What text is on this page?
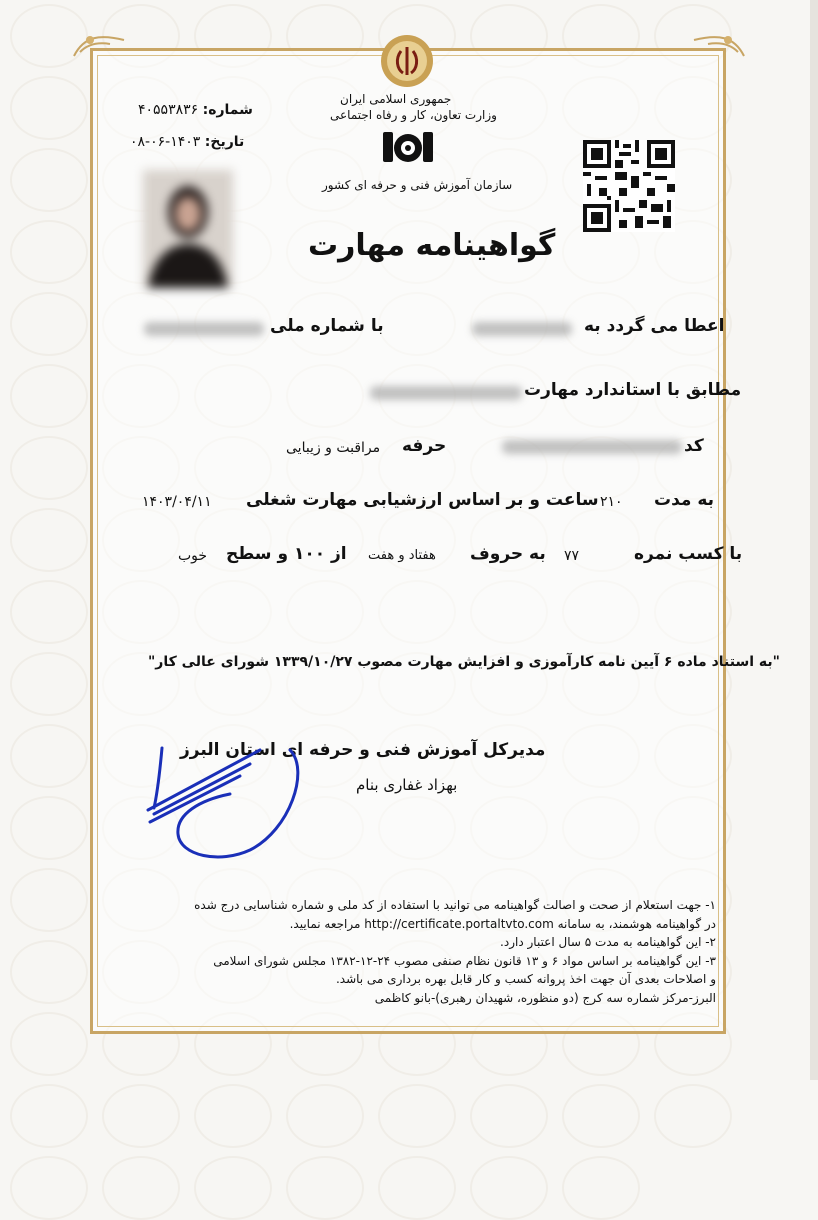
جمهوری اسلامی ایران
وزارت تعاون، کار و رفاه اجتماعی
سازمان آموزش فنی و حرفه ای کشور
شماره: ۴۰۵۵۳۸۳۶
تاریخ: ۱۴۰۳-۰۶-۰۸
گواهینامه مهارت
اعطا می گردد به
با شماره ملی
مطابق با استاندارد مهارت
کد
حرفه
مراقبت و زیبایی
به مدت
۲۱۰
ساعت و بر اساس ارزشیابی مهارت شغلی
۱۴۰۳/۰۴/۱۱
با کسب نمره
۷۷
به حروف
هفتاد و هفت
از ۱۰۰ و سطح
خوب
"به استناد ماده ۶ آیین نامه کارآموزی و افزایش مهارت مصوب ۱۳۳۹/۱۰/۲۷ شورای عالی کار"
مدیرکل آموزش فنی و حرفه ای استان البرز
بهزاد غفاری بنام
۱- جهت استعلام از صحت و اصالت گواهینامه می توانید با استفاده از کد ملی و شماره شناسایی درج شده
در گواهینامه هوشمند، به سامانه http://certificate.portaltvto.com مراجعه نمایید.
۲- این گواهینامه به مدت ۵ سال اعتبار دارد.
۳- این گواهینامه بر اساس مواد ۶ و ۱۳ قانون نظام صنفی مصوب ۲۴-۱۲-۱۳۸۲ مجلس شورای اسلامی
و اصلاحات بعدی آن جهت اخذ پروانه کسب و کار قابل بهره برداری می باشد.
البرز-مرکز شماره سه کرج (دو منظوره، شهیدان رهبری)-بانو کاظمی
